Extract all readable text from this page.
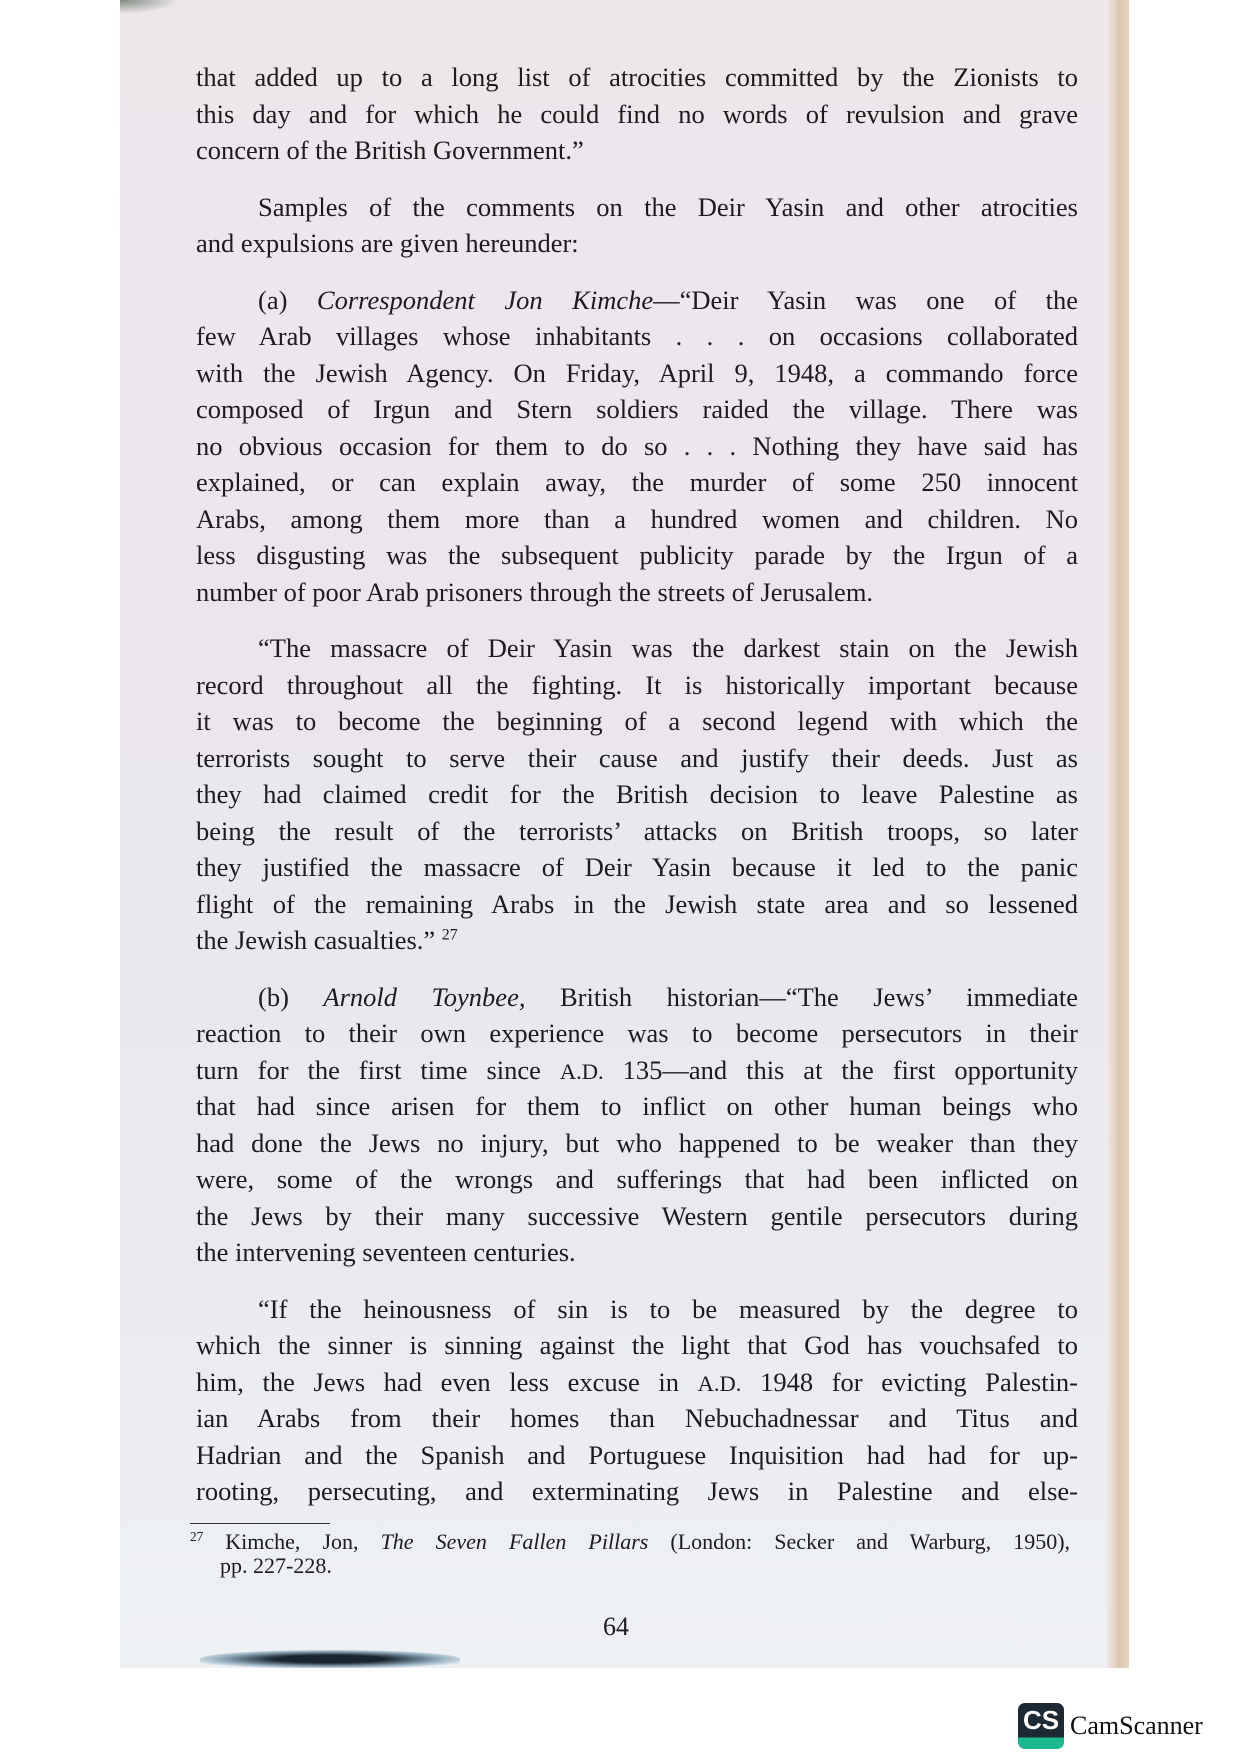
that added up to a long list of atrocities committed by the Zionists to
this day and for which he could find no words of revulsion and grave
concern of the British Government.”
Samples of the comments on the Deir Yasin and other atrocities
and expulsions are given hereunder:
(a) Correspondent Jon Kimche—“Deir Yasin was one of the
few Arab villages whose inhabitants . . . on occasions collaborated
with the Jewish Agency. On Friday, April 9, 1948, a commando force
composed of Irgun and Stern soldiers raided the village. There was
no obvious occasion for them to do so . . . Nothing they have said has
explained, or can explain away, the murder of some 250 innocent
Arabs, among them more than a hundred women and children. No
less disgusting was the subsequent publicity parade by the Irgun of a
number of poor Arab prisoners through the streets of Jerusalem.
“The massacre of Deir Yasin was the darkest stain on the Jewish
record throughout all the fighting. It is historically important because
it was to become the beginning of a second legend with which the
terrorists sought to serve their cause and justify their deeds. Just as
they had claimed credit for the British decision to leave Palestine as
being the result of the terrorists’ attacks on British troops, so later
they justified the massacre of Deir Yasin because it led to the panic
flight of the remaining Arabs in the Jewish state area and so lessened
the Jewish casualties.” $^{27}$
(b) Arnold Toynbee, British historian—“The Jews’ immediate
reaction to their own experience was to become persecutors in their
turn for the first time since A.D. 135—and this at the first opportunity
that had since arisen for them to inflict on other human beings who
had done the Jews no injury, but who happened to be weaker than they
were, some of the wrongs and sufferings that had been inflicted on
the Jews by their many successive Western gentile persecutors during
the intervening seventeen centuries.
“If the heinousness of sin is to be measured by the degree to
which the sinner is sinning against the light that God has vouchsafed to
him, the Jews had even less excuse in A.D. 1948 for evicting Palestin-
ian Arabs from their homes than Nebuchadnessar and Titus and
Hadrian and the Spanish and Portuguese Inquisition had had for up-
rooting, persecuting, and exterminating Jews in Palestine and else-
$^{27}$ Kimche, Jon, The Seven Fallen Pillars (London: Secker and Warburg, 1950),
pp. 227-228.
64
CS CamScanner
